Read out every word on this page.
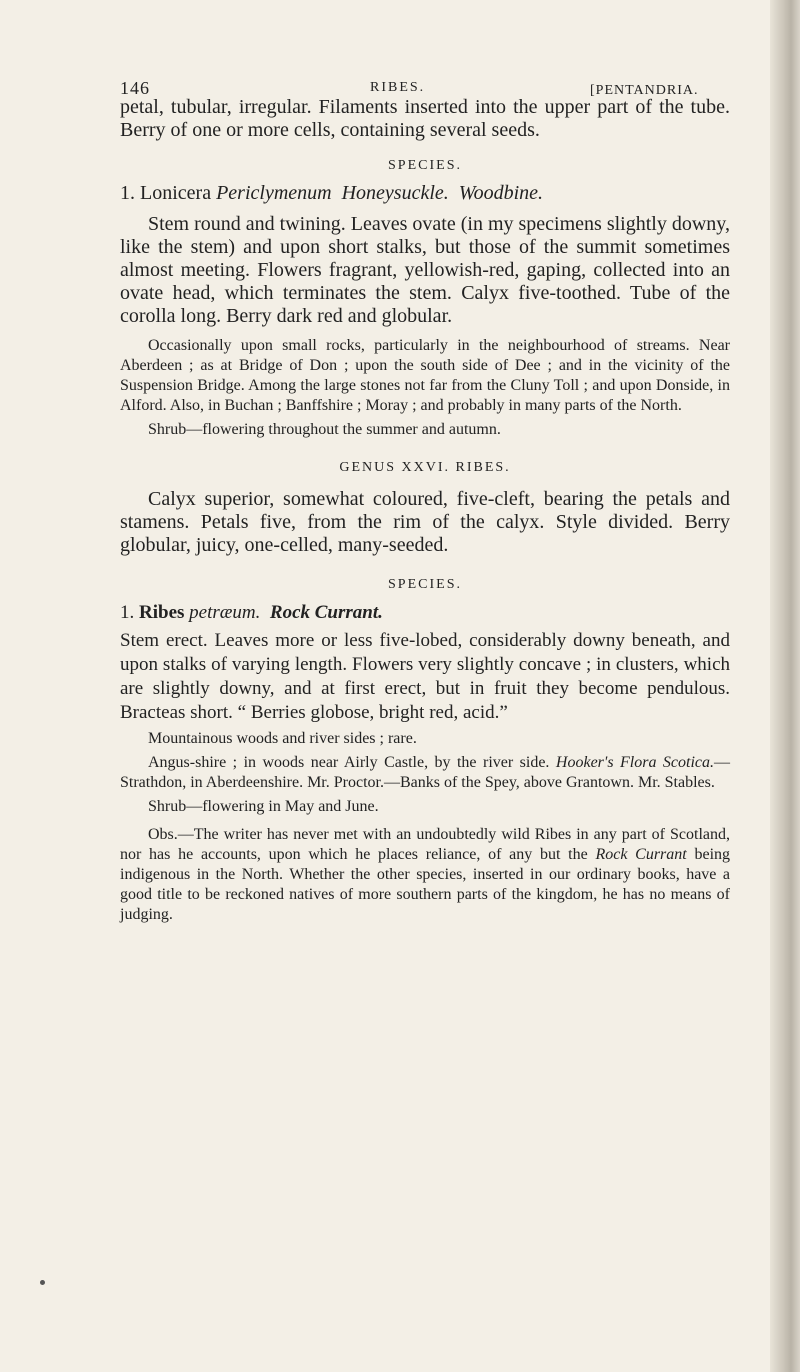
146	RIBES.	[PENTANDRIA.

petal, tubular, irregular. Filaments inserted into the upper part of the tube. Berry of one or more cells, containing several seeds.

SPECIES.

1. Lonicera Periclymenum Honeysuckle. Woodbine.

Stem round and twining. Leaves ovate (in my specimens slightly downy, like the stem) and upon short stalks, but those of the summit sometimes almost meeting. Flowers fragrant, yellowish-red, gaping, collected into an ovate head, which terminates the stem. Calyx five-toothed. Tube of the corolla long. Berry dark red and globular.

Occasionally upon small rocks, particularly in the neighbourhood of streams. Near Aberdeen ; as at Bridge of Don ; upon the south side of Dee ; and in the vicinity of the Suspension Bridge. Among the large stones not far from the Cluny Toll ; and upon Donside, in Alford. Also, in Buchan ; Banffshire ; Moray ; and probably in many parts of the North.

Shrub—flowering throughout the summer and autumn.

GENUS XXVI. RIBES.

Calyx superior, somewhat coloured, five-cleft, bearing the petals and stamens. Petals five, from the rim of the calyx. Style divided. Berry globular, juicy, one-celled, many-seeded.

SPECIES.

1. Ribes petræum. Rock Currant.

Stem erect. Leaves more or less five-lobed, considerably downy beneath, and upon stalks of varying length. Flowers very slightly concave ; in clusters, which are slightly downy, and at first erect, but in fruit they become pendulous. Bracteas short. “ Berries globose, bright red, acid.”

Mountainous woods and river sides ; rare.

Angus-shire ; in woods near Airly Castle, by the river side. Hooker's Flora Scotica.—Strathdon, in Aberdeenshire. Mr. Proctor.—Banks of the Spey, above Grantown. Mr. Stables.

Shrub—flowering in May and June.

Obs.—The writer has never met with an undoubtedly wild Ribes in any part of Scotland, nor has he accounts, upon which he places reliance, of any but the Rock Currant being indigenous in the North. Whether the other species, inserted in our ordinary books, have a good title to be reckoned natives of more southern parts of the kingdom, he has no means of judging.
